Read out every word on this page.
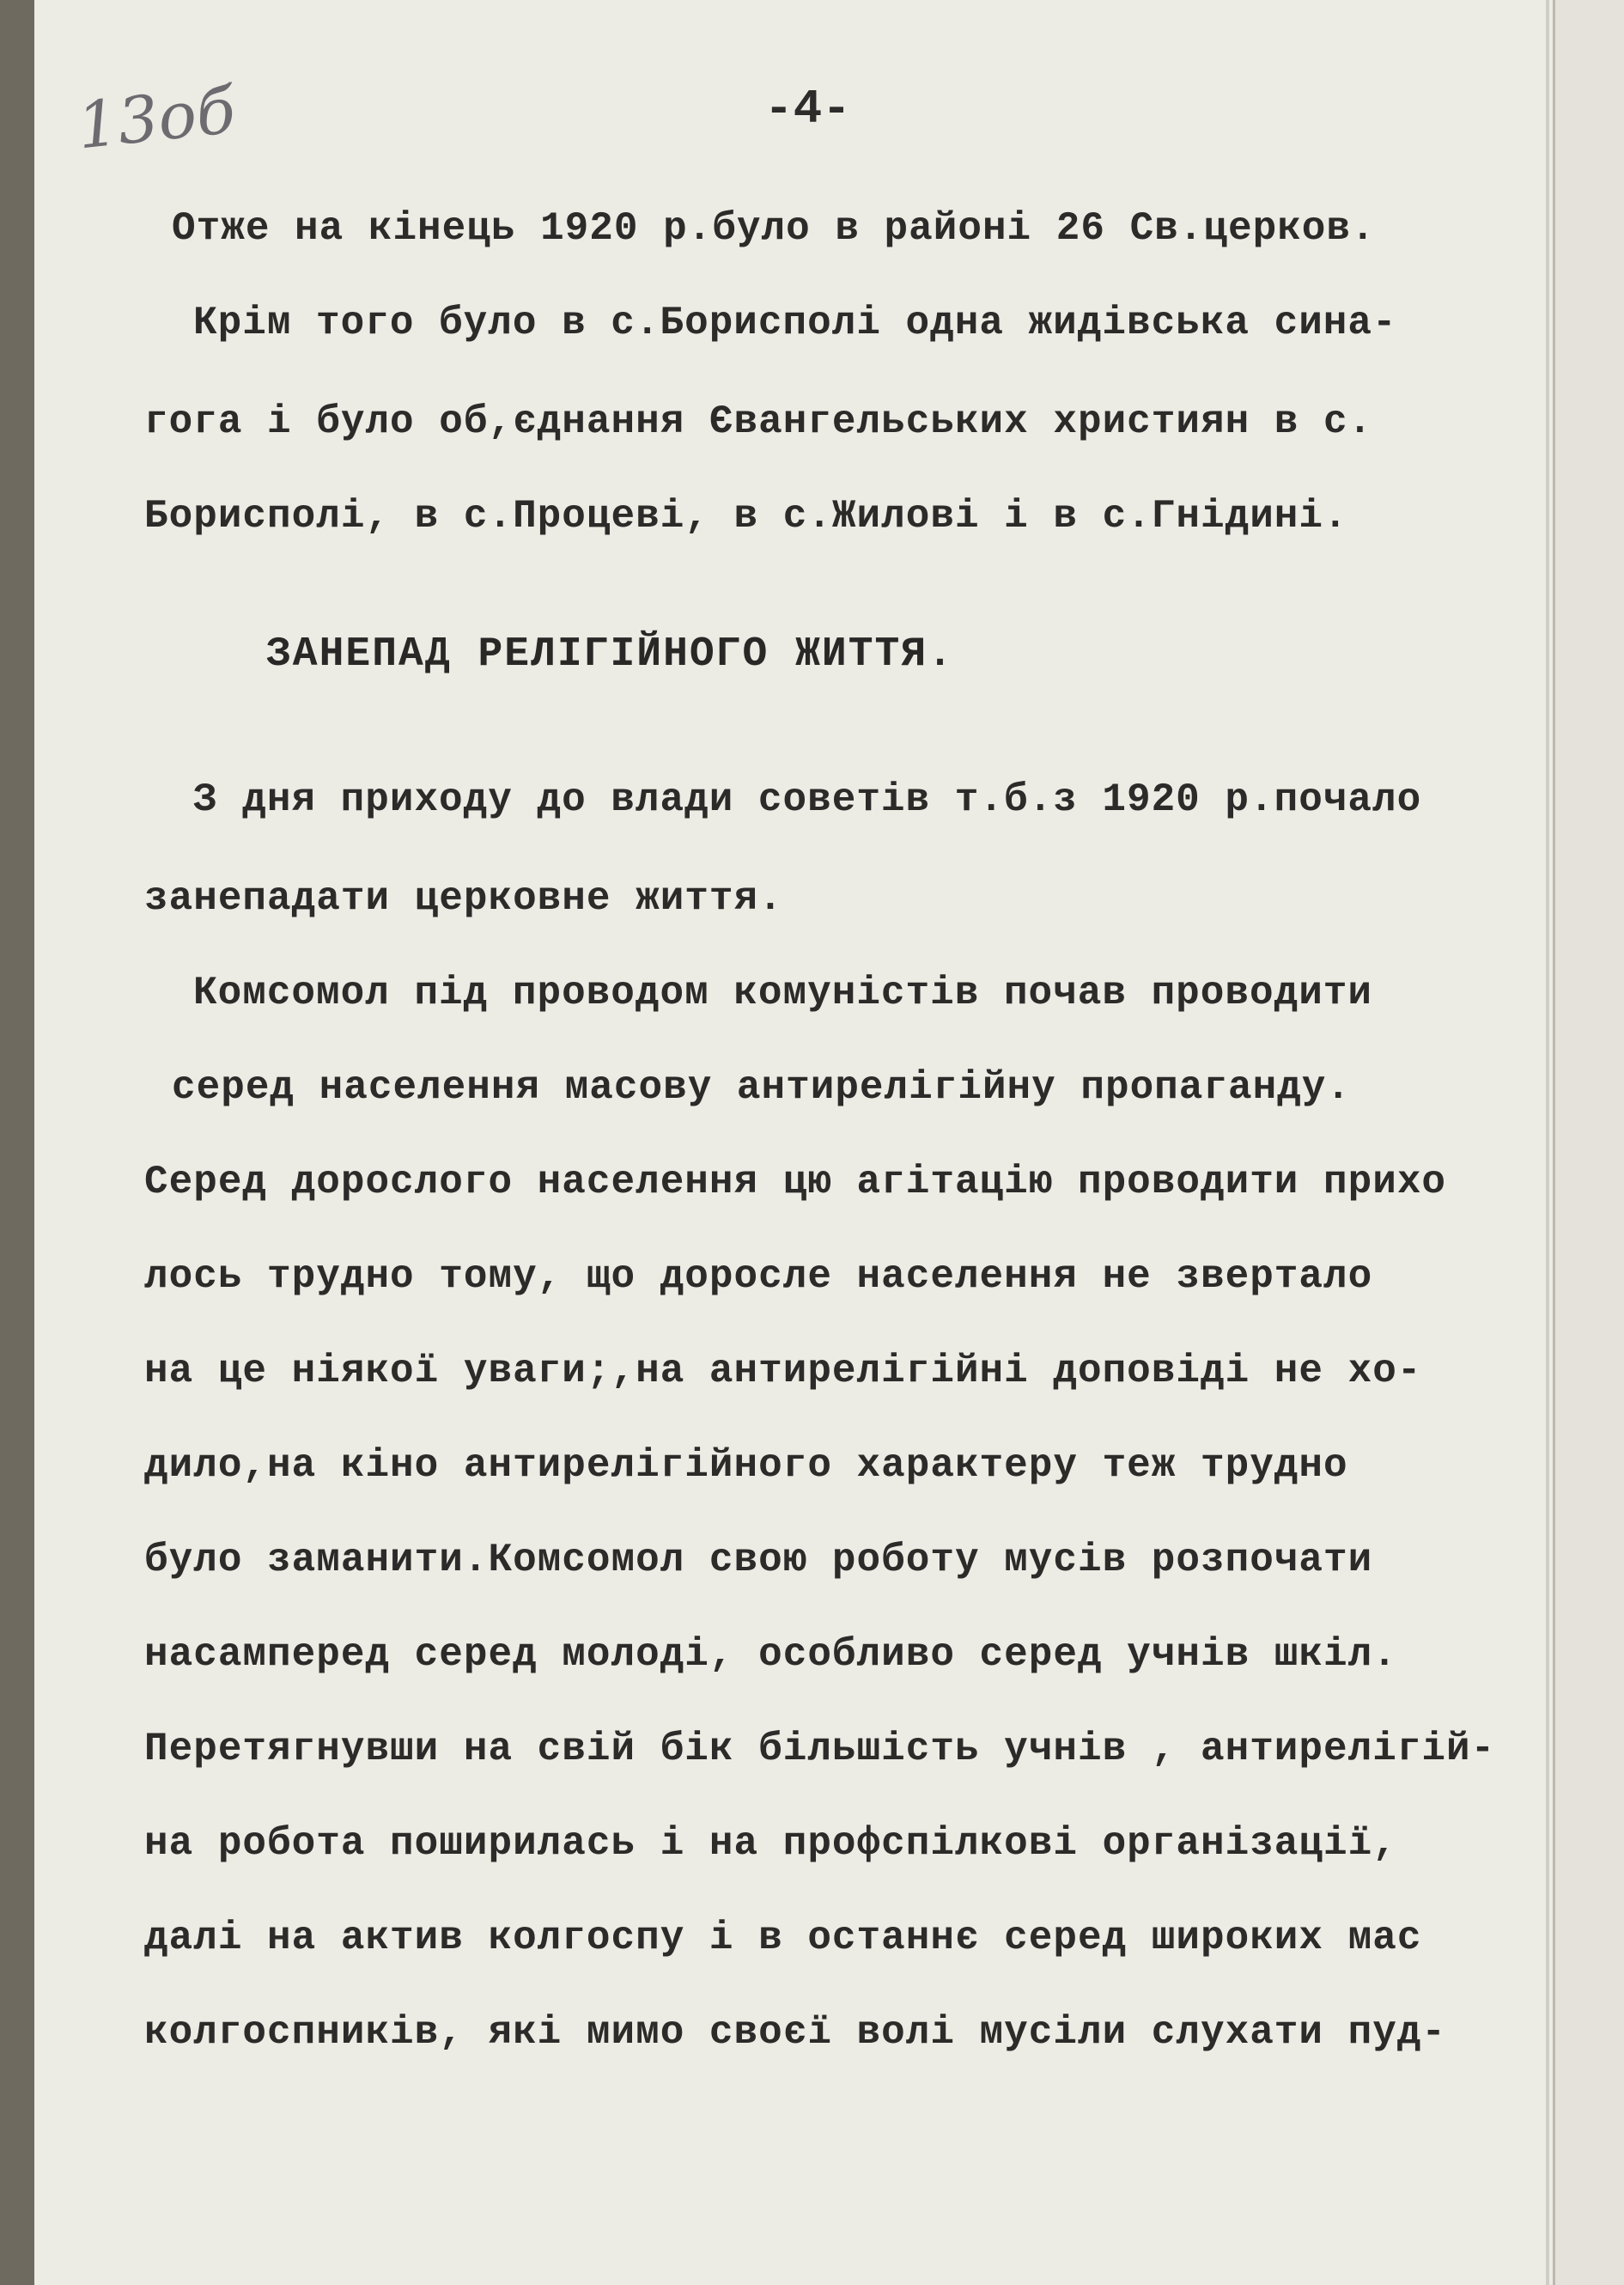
13об	-4-
Отже на кінець 1920 р.було в районі 26 Св.церков.
Крім того було в с.Борисполі одна жидівська сина-
гога і було об,єднання Євангельських християн в с.
Борисполі, в с.Процеві, в с.Жилові і в с.Гнідині.
ЗАНЕПАД РЕЛІГІЙНОГО ЖИТТЯ.
З дня приходу до влади советів т.б.з 1920 р.почало
занепадати церковне життя.
Комсомол під проводом комуністів почав проводити
серед населення масову антирелігійну пропаганду.
Серед дорослого населення цю агітацію проводити прихо
лось трудно тому, що доросле населення не звертало
на це ніякої уваги;,на антирелігійні доповіді не хо-
дило,на кіно антирелігійного характеру теж трудно
було заманити.Комсомол свою роботу мусів розпочати
насамперед серед молоді, особливо серед учнів шкіл.
Перетягнувши на свій бік більшість учнів , антирелігій-
на робота поширилась і на профспілкові організації,
далі на актив колгоспу і в останнє серед широких мас
колгоспників, які мимо своєї волі мусіли слухати пуд-
